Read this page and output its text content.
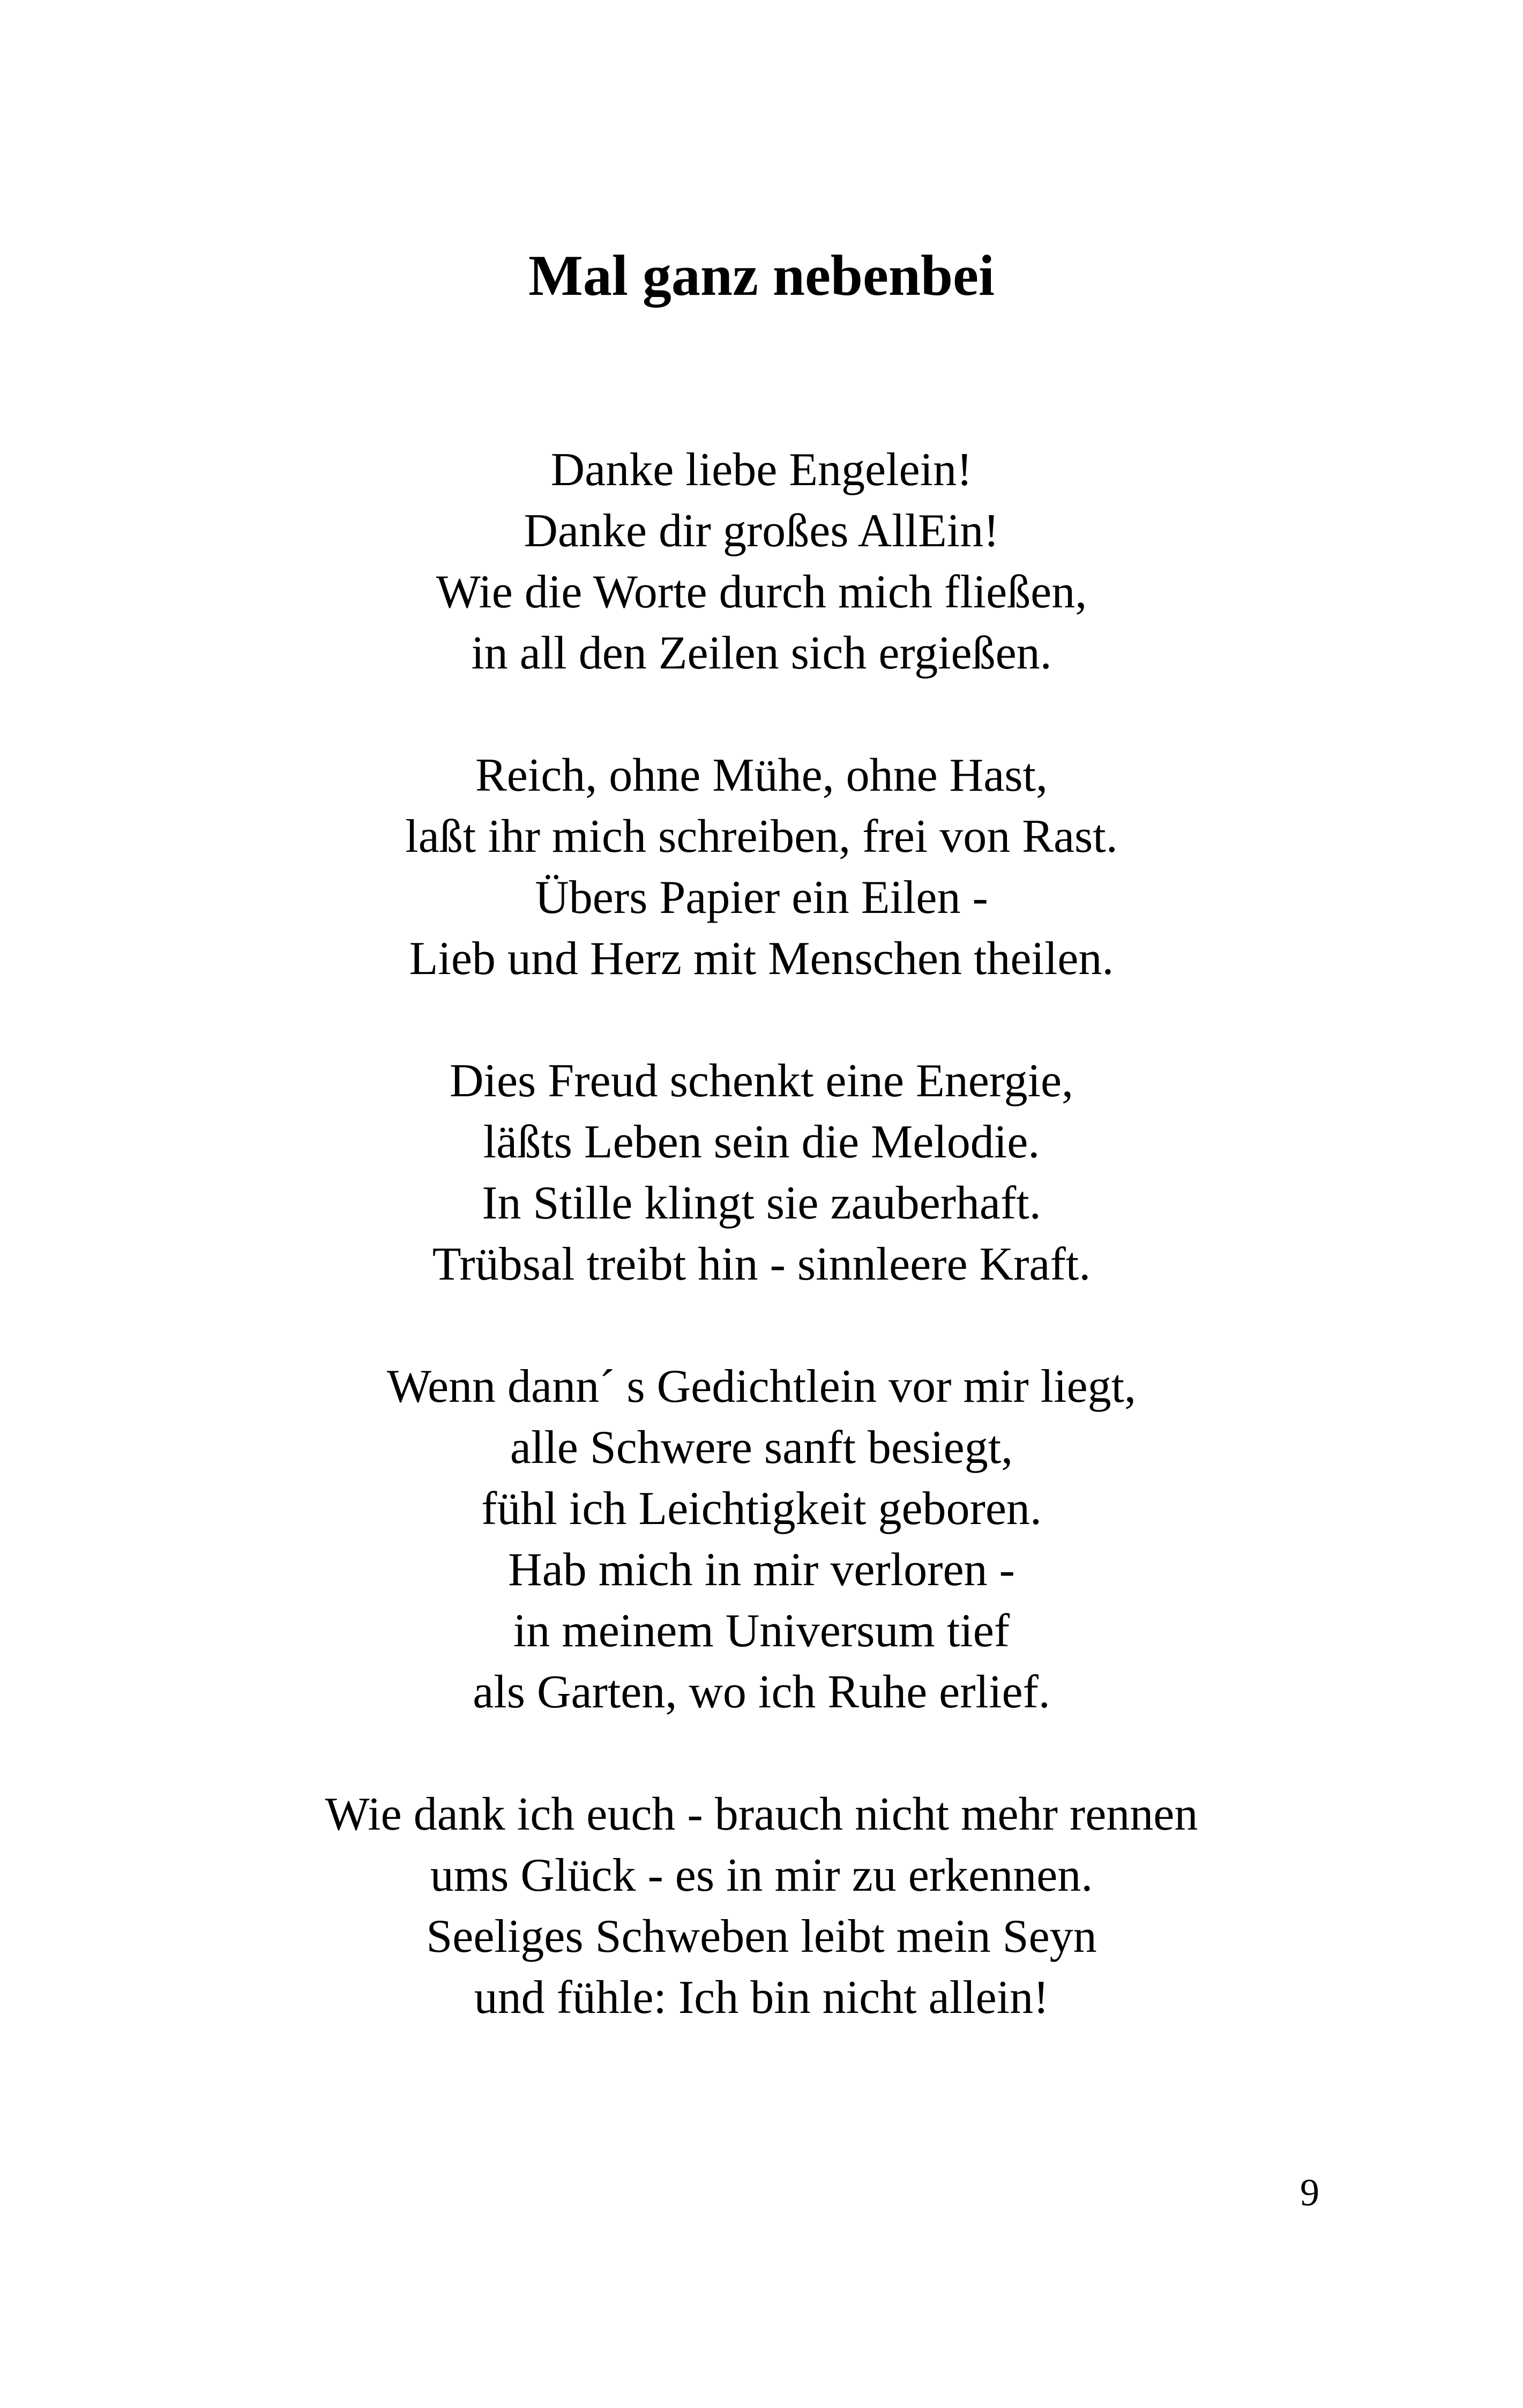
Mal ganz nebenbei
Danke liebe Engelein!
Danke dir großes AllEin!
Wie die Worte durch mich fließen,
in all den Zeilen sich ergießen.
Reich, ohne Mühe, ohne Hast,
laßt ihr mich schreiben, frei von Rast.
Übers Papier ein Eilen -
Lieb und Herz mit Menschen theilen.
Dies Freud schenkt eine Energie,
läßts Leben sein die Melodie.
In Stille klingt sie zauberhaft.
Trübsal treibt hin - sinnleere Kraft.
Wenn dann´ s Gedichtlein vor mir liegt,
alle Schwere sanft besiegt,
fühl ich Leichtigkeit geboren.
Hab mich in mir verloren -
in meinem Universum tief
als Garten, wo ich Ruhe erlief.
Wie dank ich euch - brauch nicht mehr rennen
ums Glück - es in mir zu erkennen.
Seeliges Schweben leibt mein Seyn
und fühle: Ich bin nicht allein!
9
